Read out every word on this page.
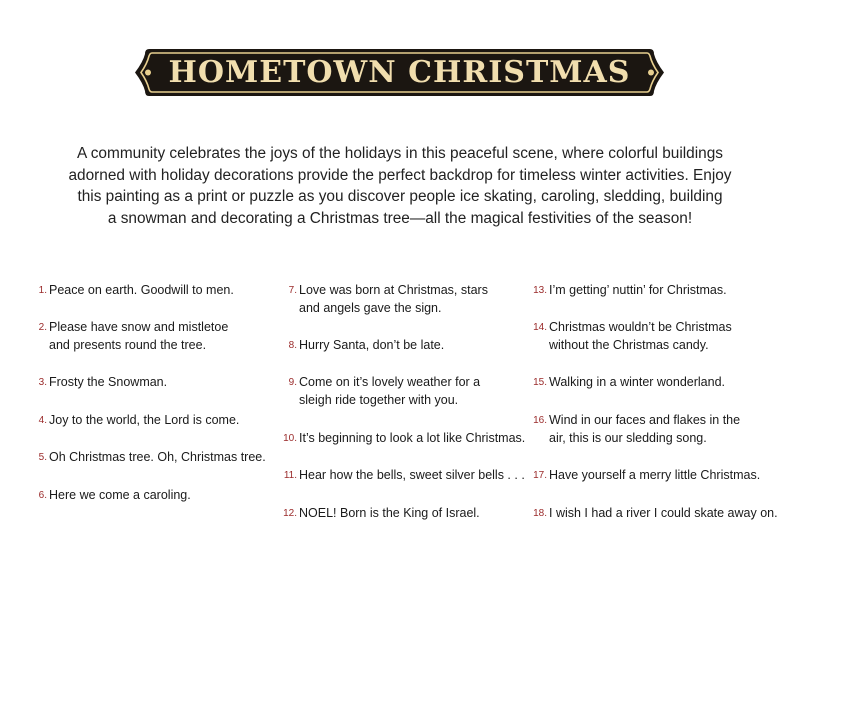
HOMETOWN CHRISTMAS
A community celebrates the joys of the holidays in this peaceful scene, where colorful buildings
adorned with holiday decorations provide the perfect backdrop for timeless winter activities. Enjoy
this painting as a print or puzzle as you discover people ice skating, caroling, sledding, building
a snowman and decorating a Christmas tree—all the magical festivities of the season!
1. Peace on earth. Goodwill to men.
2. Please have snow and mistletoe
and presents round the tree.
3. Frosty the Snowman.
4. Joy to the world, the Lord is come.
5. Oh Christmas tree. Oh, Christmas tree.
6. Here we come a caroling.
7. Love was born at Christmas, stars
and angels gave the sign.
8. Hurry Santa, don’t be late.
9. Come on it’s lovely weather for a
sleigh ride together with you.
10. It’s beginning to look a lot like Christmas.
11. Hear how the bells, sweet silver bells . . .
12. NOEL! Born is the King of Israel.
13. I’m getting’ nuttin’ for Christmas.
14. Christmas wouldn’t be Christmas
without the Christmas candy.
15. Walking in a winter wonderland.
16. Wind in our faces and flakes in the
air, this is our sledding song.
17. Have yourself a merry little Christmas.
18. I wish I had a river I could skate away on.
